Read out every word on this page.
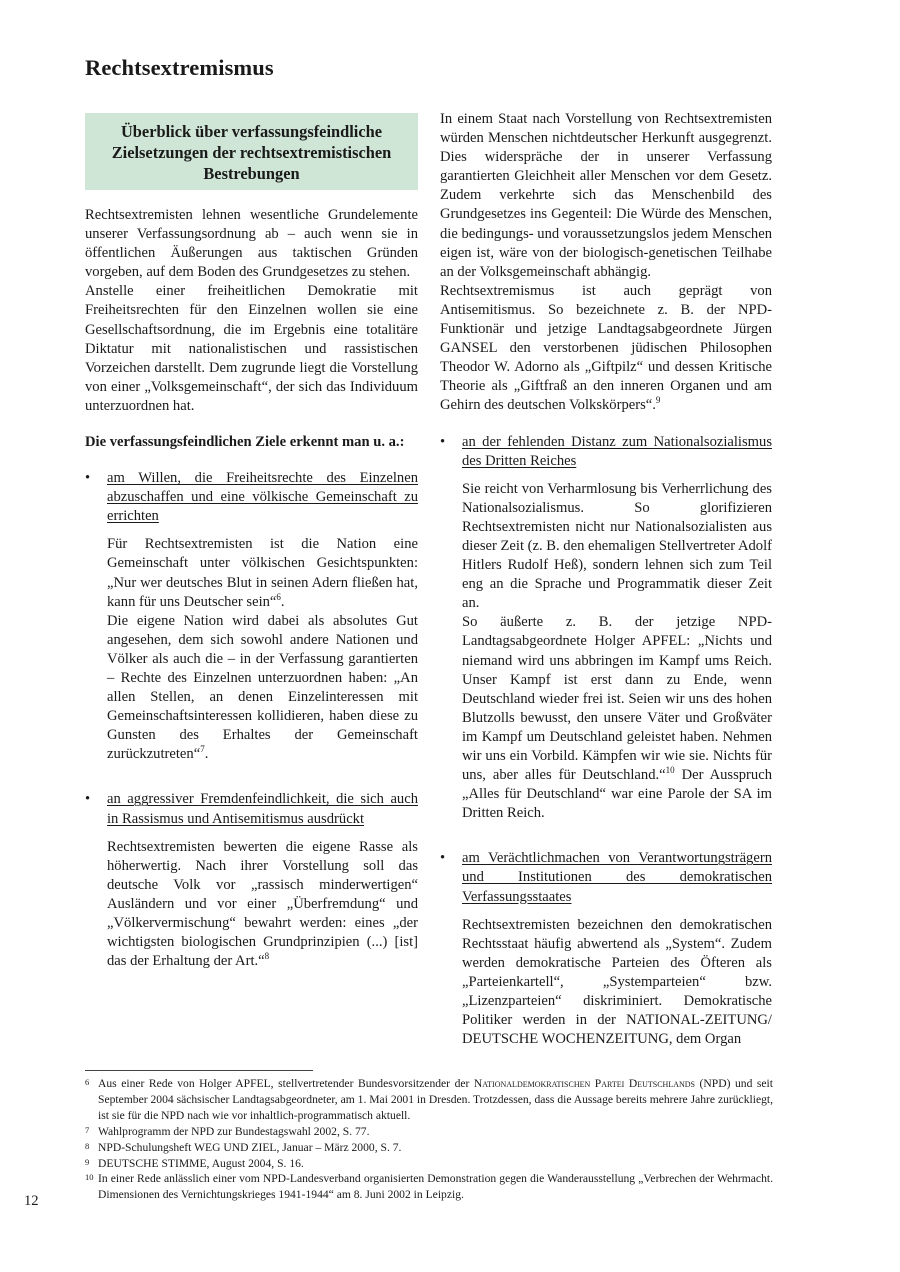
Rechtsextremismus
Überblick über verfassungsfeindliche Zielsetzungen der rechtsextremistischen Bestrebungen

Rechtsextremisten lehnen wesentliche Grundelemente unserer Verfassungsordnung ab – auch wenn sie in öffentlichen Äußerungen aus taktischen Gründen vorgeben, auf dem Boden des Grundgesetzes zu stehen.

Anstelle einer freiheitlichen Demokratie mit Freiheitsrechten für den Einzelnen wollen sie eine Gesellschaftsordnung, die im Ergebnis eine totalitäre Diktatur mit nationalistischen und rassistischen Vorzeichen darstellt. Dem zugrunde liegt die Vorstellung von einer „Volksgemeinschaft“, der sich das Individuum unterzuordnen hat.

Die verfassungsfeindlichen Ziele erkennt man u. a.:
• am Willen, die Freiheitsrechte des Einzelnen abzuschaffen und eine völkische Gemeinschaft zu errichten

Für Rechtsextremisten ist die Nation eine Gemeinschaft unter völkischen Gesichtspunkten: „Nur wer deutsches Blut in seinen Adern fließen hat, kann für uns Deutscher sein“$^6$.

Die eigene Nation wird dabei als absolutes Gut angesehen, dem sich sowohl andere Nationen und Völker als auch die – in der Verfassung garantierten – Rechte des Einzelnen unterzuordnen haben: „An allen Stellen, an denen Einzelinteressen mit Gemeinschaftsinteressen kollidieren, haben diese zu Gunsten des Erhaltes der Gemeinschaft zurückzutreten“$^7$.

• an aggressiver Fremdenfeindlichkeit, die sich auch in Rassismus und Antisemitismus ausdrückt

Rechtsextremisten bewerten die eigene Rasse als höherwertig. Nach ihrer Vorstellung soll das deutsche Volk vor „rassisch minderwertigen“ Ausländern und vor einer „Überfremdung“ und „Völkervermischung“ bewahrt werden: eines „der wichtigsten biologischen Grundprinzipien (...) [ist] das der Erhaltung der Art.“$^8$

In einem Staat nach Vorstellung von Rechtsextremisten würden Menschen nichtdeutscher Herkunft ausgegrenzt. Dies widerspräche der in unserer Verfassung garantierten Gleichheit aller Menschen vor dem Gesetz. Zudem verkehrte sich das Menschenbild des Grundgesetzes ins Gegenteil: Die Würde des Menschen, die bedingungs- und voraussetzungslos jedem Menschen eigen ist, wäre von der biologisch-genetischen Teilhabe an der Volksgemeinschaft abhängig.

Rechtsextremismus ist auch geprägt von Antisemitismus. So bezeichnete z. B. der NPD-Funktionär und jetzige Landtagsabgeordnete Jürgen GANSEL den verstorbenen jüdischen Philosophen Theodor W. Adorno als „Giftpilz“ und dessen Kritische Theorie als „Giftfraß an den inneren Organen und am Gehirn des deutschen Volkskörpers“.$^9$

• an der fehlenden Distanz zum Nationalsozialismus des Dritten Reiches

Sie reicht von Verharmlosung bis Verherrlichung des Nationalsozialismus. So glorifizieren Rechtsextremisten nicht nur Nationalsozialisten aus dieser Zeit (z. B. den ehemaligen Stellvertreter Adolf Hitlers Rudolf Heß), sondern lehnen sich zum Teil eng an die Sprache und Programmatik dieser Zeit an.

So äußerte z. B. der jetzige NPD-Landtagsabgeordnete Holger APFEL: „Nichts und niemand wird uns abbringen im Kampf ums Reich. Unser Kampf ist erst dann zu Ende, wenn Deutschland wieder frei ist. Seien wir uns des hohen Blutzolls bewusst, den unsere Väter und Großväter im Kampf um Deutschland geleistet haben. Nehmen wir uns ein Vorbild. Kämpfen wir wie sie. Nichts für uns, aber alles für Deutschland.“$^{10}$ Der Ausspruch „Alles für Deutschland“ war eine Parole der SA im Dritten Reich.

• am Verächtlichmachen von Verantwortungsträgern und Institutionen des demokratischen Verfassungsstaates

Rechtsextremisten bezeichnen den demokratischen Rechtsstaat häufig abwertend als „System“. Zudem werden demokratische Parteien des Öfteren als „Parteienkartell“, „Systemparteien“ bzw. „Lizenzparteien“ diskriminiert. Demokratische Politiker werden in der NATIONAL-ZEITUNG/ DEUTSCHE WOCHENZEITUNG, dem Organ

6 Aus einer Rede von Holger APFEL, stellvertretender Bundesvorsitzender der Nationaldemokratischen Partei Deutschlands (NPD) und seit September 2004 sächsischer Landtagsabgeordneter, am 1. Mai 2001 in Dresden. Trotzdessen, dass die Aussage bereits mehrere Jahre zurückliegt, ist sie für die NPD nach wie vor inhaltlich-programmatisch aktuell.
7 Wahlprogramm der NPD zur Bundestagswahl 2002, S. 77.
8 NPD-Schulungsheft WEG UND ZIEL, Januar – März 2000, S. 7.
9 DEUTSCHE STIMME, August 2004, S. 16.
10 In einer Rede anlässlich einer vom NPD-Landesverband organisierten Demonstration gegen die Wanderausstellung „Verbrechen der Wehrmacht. Dimensionen des Vernichtungskrieges 1941-1944“ am 8. Juni 2002 in Leipzig.
12
